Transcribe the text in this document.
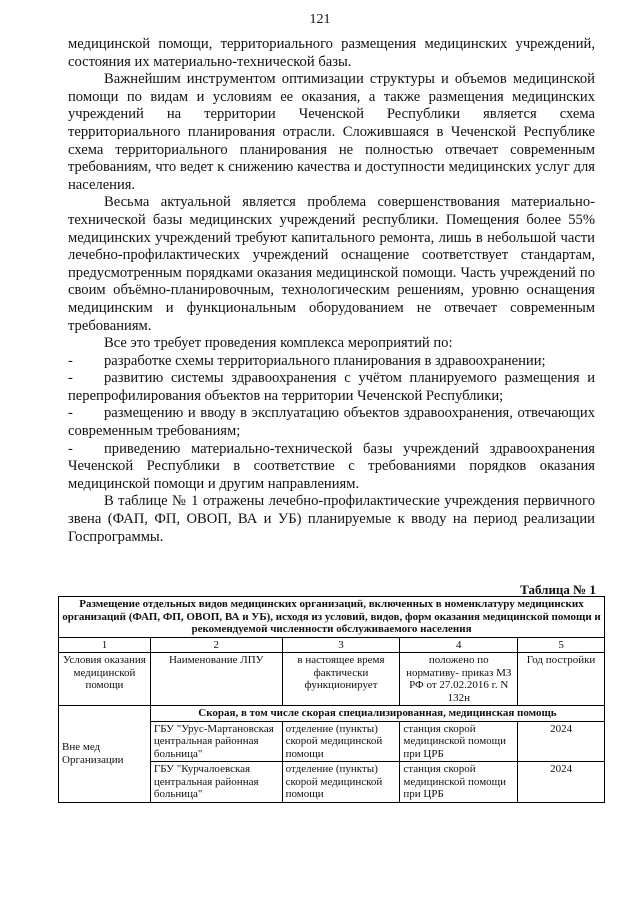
121

медицинской помощи, территориального размещения медицинских учреждений, состояния их материально-технической базы.

Важнейшим инструментом оптимизации структуры и объемов медицинской помощи по видам и условиям ее оказания, а также размещения медицинских учреждений на территории Чеченской Республики является схема территориального планирования отрасли. Сложившаяся в Чеченской Республике схема территориального планирования не полностью отвечает современным требованиям, что ведет к снижению качества и доступности медицинских услуг для населения.

Весьма актуальной является проблема совершенствования материально-технической базы медицинских учреждений республики. Помещения более 55% медицинских учреждений требуют капитального ремонта, лишь в небольшой части лечебно-профилактических учреждений оснащение соответствует стандартам, предусмотренным порядками оказания медицинской помощи. Часть учреждений по своим объёмно-планировочным, технологическим решениям, уровню оснащения медицинским и функциональным оборудованием не отвечает современным требованиям.

Все это требует проведения комплекса мероприятий по:

- разработке схемы территориального планирования в здравоохранении;

- развитию системы здравоохранения с учётом планируемого размещения и перепрофилирования объектов на территории Чеченской Республики;

- размещению и вводу в эксплуатацию объектов здравоохранения, отвечающих современным требованиям;

- приведению материально-технической базы учреждений здравоохранения Чеченской Республики в соответствие с требованиями порядков оказания медицинской помощи и другим направлениям.

В таблице № 1 отражены лечебно-профилактические учреждения первичного звена (ФАП, ФП, ОВОП, ВА и УБ) планируемые к вводу на период реализации Госпрограммы.

Таблица № 1
Размещение отдельных видов медицинских организаций, включенных в номенклатуру медицинских организаций (ФАП, ФП, ОВОП, ВА и УБ), исходя из условий, видов, форм оказания медицинской помощи и рекомендуемой численности обслуживаемого населения				
1	2	3	4	5
Условия оказания медицинской помощи	Наименование ЛПУ	в настоящее время фактически функционирует	положено по нормативу- приказ МЗ РФ от 27.02.2016 г. N 132н	Год постройки
Вне мед Организации	Скорая, в том числе скорая специализированная, медицинская помощь			
	ГБУ "Урус-Мартановская центральная районная больница"	отделение (пункты) скорой медицинской помощи	станция скорой медицинской помощи при ЦРБ	2024
	ГБУ "Курчалоевская центральная районная больница"	отделение (пункты) скорой медицинской помощи	станция скорой медицинской помощи при ЦРБ	2024
